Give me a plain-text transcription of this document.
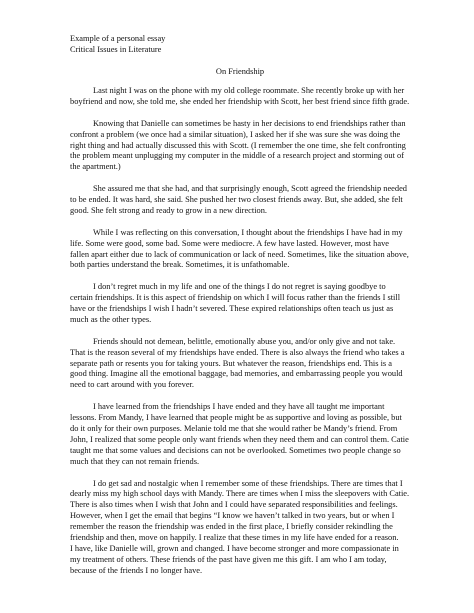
Example of a personal essay
Critical Issues in Literature
On Friendship

Last night I was on the phone with my old college roommate. She recently broke up with her boyfriend and now, she told me, she ended her friendship with Scott, her best friend since fifth grade.

Knowing that Danielle can sometimes be hasty in her decisions to end friendships rather than confront a problem (we once had a similar situation), I asked her if she was sure she was doing the right thing and had actually discussed this with Scott. (I remember the one time, she felt confronting the problem meant unplugging my computer in the middle of a research project and storming out of the apartment.)

She assured me that she had, and that surprisingly enough, Scott agreed the friendship needed to be ended. It was hard, she said. She pushed her two closest friends away. But, she added, she felt good. She felt strong and ready to grow in a new direction.

While I was reflecting on this conversation, I thought about the friendships I have had in my life. Some were good, some bad. Some were mediocre. A few have lasted. However, most have fallen apart either due to lack of communication or lack of need. Sometimes, like the situation above, both parties understand the break. Sometimes, it is unfathomable.

I don’t regret much in my life and one of the things I do not regret is saying goodbye to certain friendships. It is this aspect of friendship on which I will focus rather than the friends I still have or the friendships I wish I hadn’t severed. These expired relationships often teach us just as much as the other types.

Friends should not demean, belittle, emotionally abuse you, and/or only give and not take. That is the reason several of my friendships have ended. There is also always the friend who takes a separate path or resents you for taking yours. But whatever the reason, friendships end. This is a good thing. Imagine all the emotional baggage, bad memories, and embarrassing people you would need to cart around with you forever.

I have learned from the friendships I have ended and they have all taught me important lessons. From Mandy, I have learned that people might be as supportive and loving as possible, but do it only for their own purposes. Melanie told me that she would rather be Mandy’s friend. From John, I realized that some people only want friends when they need them and can control them. Catie taught me that some values and decisions can not be overlooked. Sometimes two people change so much that they can not remain friends.

I do get sad and nostalgic when I remember some of these friendships. There are times that I dearly miss my high school days with Mandy. There are times when I miss the sleepovers with Catie. There is also times when I wish that John and I could have separated responsibilities and feelings. However, when I get the email that begins “I know we haven’t talked in two years, but or when I remember the reason the friendship was ended in the first place, I briefly consider rekindling the friendship and then, move on happily. I realize that these times in my life have ended for a reason.

I have, like Danielle will, grown and changed. I have become stronger and more compassionate in my treatment of others. These friends of the past have given me this gift. I am who I am today, because of the friends I no longer have.
